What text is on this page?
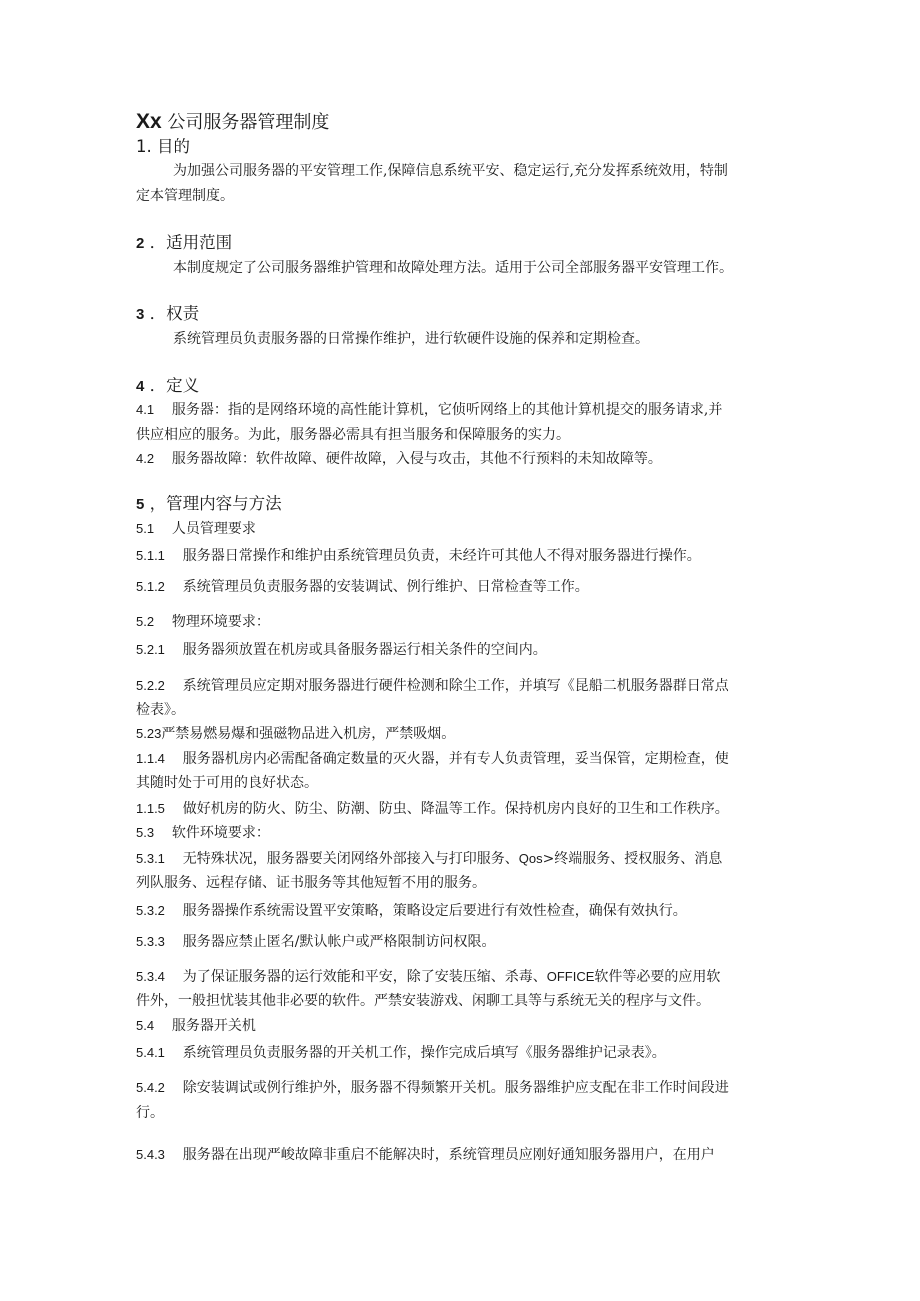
Xx 公司服务器管理制度
1. 目的
为加强公司服务器的平安管理工作,保障信息系统平安、稳定运行,充分发挥系统效用，特制
定本管理制度。
2 ．适用范围
本制度规定了公司服务器维护管理和故障处理方法。适用于公司全部服务器平安管理工作。
3 ．权责
系统管理员负责服务器的日常操作维护，进行软硬件设施的保养和定期检查。
4 ．定义
4.1 服务器：指的是网络环境的高性能计算机，它侦听网络上的其他计算机提交的服务请求,并
供应相应的服务。为此，服务器必需具有担当服务和保障服务的实力。
4.2 服务器故障：软件故障、硬件故障，入侵与攻击，其他不行预料的未知故障等。
5 ，管理内容与方法
5.1 人员管理要求
5.1.1 服务器日常操作和维护由系统管理员负责，未经许可其他人不得对服务器进行操作。
5.1.2 系统管理员负责服务器的安装调试、例行维护、日常检查等工作。
5.2 物理环境要求：
5.2.1 服务器须放置在机房或具备服务器运行相关条件的空间内。
5.2.2 系统管理员应定期对服务器进行硬件检测和除尘工作，并填写《昆船二机服务器群日常点
检表》。
5.23严禁易燃易爆和强磁物品进入机房，严禁吸烟。
1.1.4 服务器机房内必需配备确定数量的灭火器，并有专人负责管理，妥当保管，定期检查，使
其随时处于可用的良好状态。
1.1.5 做好机房的防火、防尘、防潮、防虫、降温等工作。保持机房内良好的卫生和工作秩序。
5.3 软件环境要求：
5.3.1 无特殊状况，服务器要关闭网络外部接入与打印服务、Qos>终端服务、授权服务、消息
列队服务、远程存储、证书服务等其他短暂不用的服务。
5.3.2 服务器操作系统需设置平安策略，策略设定后要进行有效性检查，确保有效执行。
5.3.3 服务器应禁止匿名/默认帐户或严格限制访问权限。
5.3.4 为了保证服务器的运行效能和平安，除了安装压缩、杀毒、OFFICE软件等必要的应用软
件外，一般担忧装其他非必要的软件。严禁安装游戏、闲聊工具等与系统无关的程序与文件。
5.4 服务器开关机
5.4.1 系统管理员负责服务器的开关机工作，操作完成后填写《服务器维护记录表》。
5.4.2 除安装调试或例行维护外，服务器不得频繁开关机。服务器维护应支配在非工作时间段进
行。
5.4.3 服务器在出现严峻故障非重启不能解决时，系统管理员应刚好通知服务器用户，在用户
